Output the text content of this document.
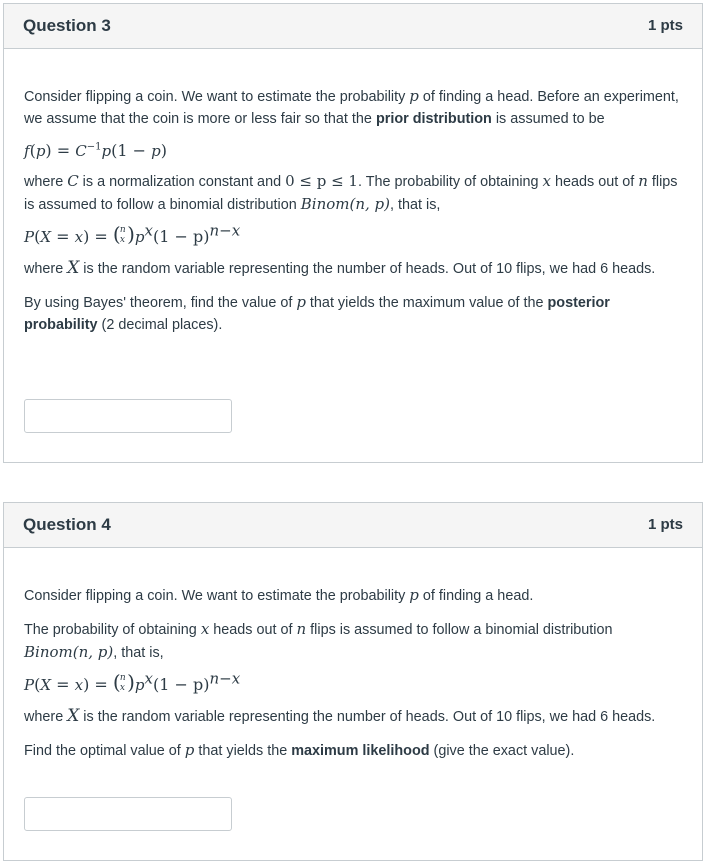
Question 3	1 pts

Consider flipping a coin. We want to estimate the probability p of finding a head. Before an experiment, we assume that the coin is more or less fair so that the prior distribution is assumed to be

$f(p) = C^{-1}p(1 - p)$

where C is a normalization constant and 0 ≤ p ≤ 1. The probability of obtaining x heads out of n flips is assumed to follow a binomial distribution Binom(n, p), that is,

P(X = x) = ( n
x ) $p^x(1 - p)^{n-x}$

where X is the random variable representing the number of heads. Out of 10 flips, we had 6 heads.

By using Bayes' theorem, find the value of p that yields the maximum value of the posterior probability (2 decimal places).

Question 4	1 pts

Consider flipping a coin. We want to estimate the probability p of finding a head.

The probability of obtaining x heads out of n flips is assumed to follow a binomial distribution Binom(n, p), that is,

P(X = x) = ( n
x ) $p^x(1 - p)^{n-x}$

where X is the random variable representing the number of heads. Out of 10 flips, we had 6 heads.

Find the optimal value of p that yields the maximum likelihood (give the exact value).
